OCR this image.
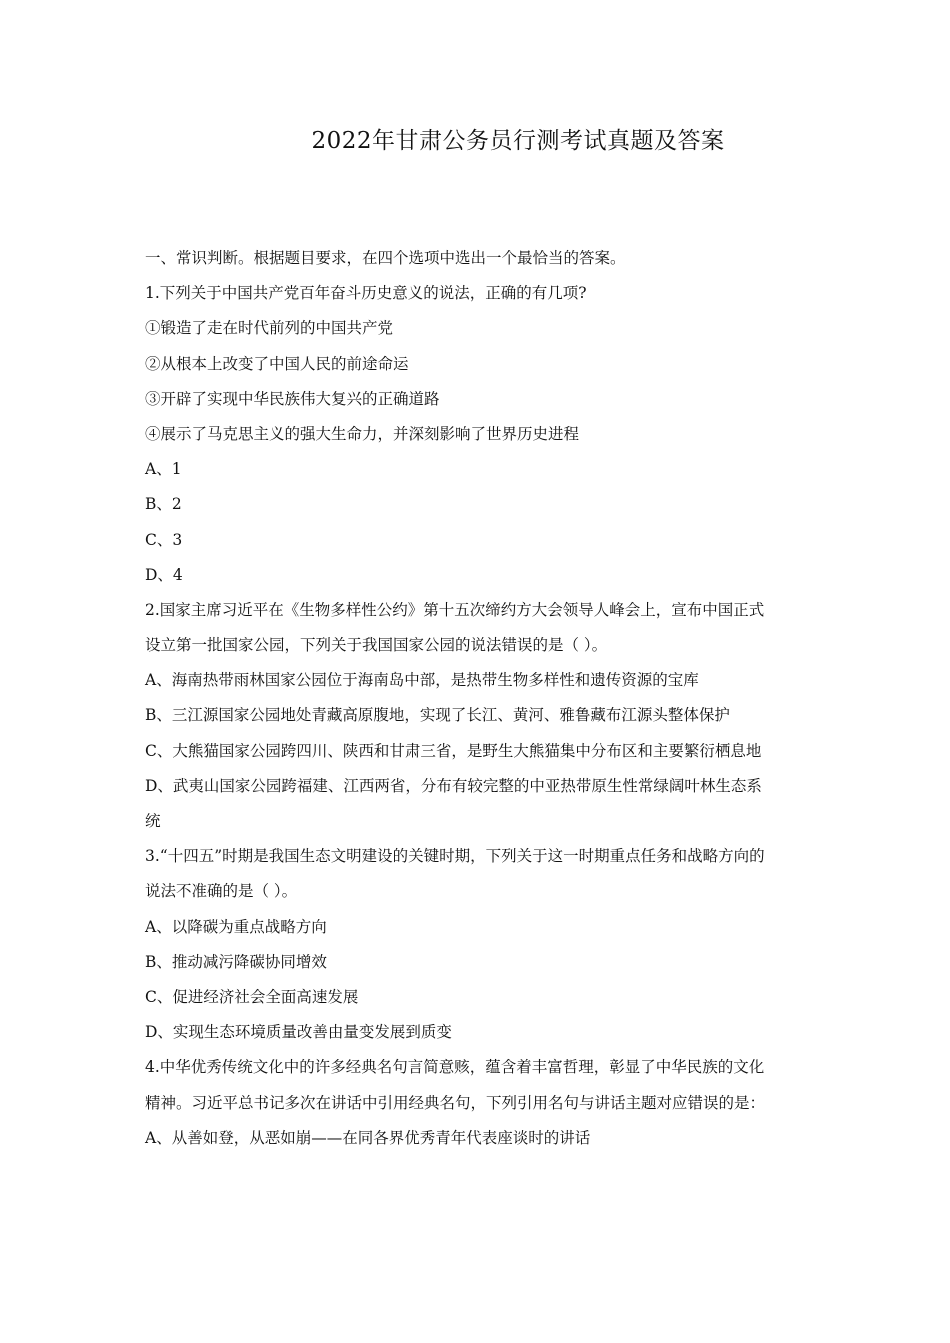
2022年甘肃公务员行测考试真题及答案
一、常识判断。根据题目要求，在四个选项中选出一个最恰当的答案。
1.下列关于中国共产党百年奋斗历史意义的说法，正确的有几项?
①锻造了走在时代前列的中国共产党
②从根本上改变了中国人民的前途命运
③开辟了实现中华民族伟大复兴的正确道路
④展示了马克思主义的强大生命力，并深刻影响了世界历史进程
A、1
B、2
C、3
D、4
2.国家主席习近平在《生物多样性公约》第十五次缔约方大会领导人峰会上，宣布中国正式
设立第一批国家公园，下列关于我国国家公园的说法错误的是（ ）。
A、海南热带雨林国家公园位于海南岛中部，是热带生物多样性和遗传资源的宝库
B、三江源国家公园地处青藏高原腹地，实现了长江、黄河、雅鲁藏布江源头整体保护
C、大熊猫国家公园跨四川、陕西和甘肃三省，是野生大熊猫集中分布区和主要繁衍栖息地
D、武夷山国家公园跨福建、江西两省，分布有较完整的中亚热带原生性常绿阔叶林生态系
统
3.“十四五”时期是我国生态文明建设的关键时期，下列关于这一时期重点任务和战略方向的
说法不准确的是（ ）。
A、以降碳为重点战略方向
B、推动减污降碳协同增效
C、促进经济社会全面高速发展
D、实现生态环境质量改善由量变发展到质变
4.中华优秀传统文化中的许多经典名句言简意赅，蕴含着丰富哲理，彰显了中华民族的文化
精神。习近平总书记多次在讲话中引用经典名句，下列引用名句与讲话主题对应错误的是：
A、从善如登，从恶如崩——在同各界优秀青年代表座谈时的讲话
